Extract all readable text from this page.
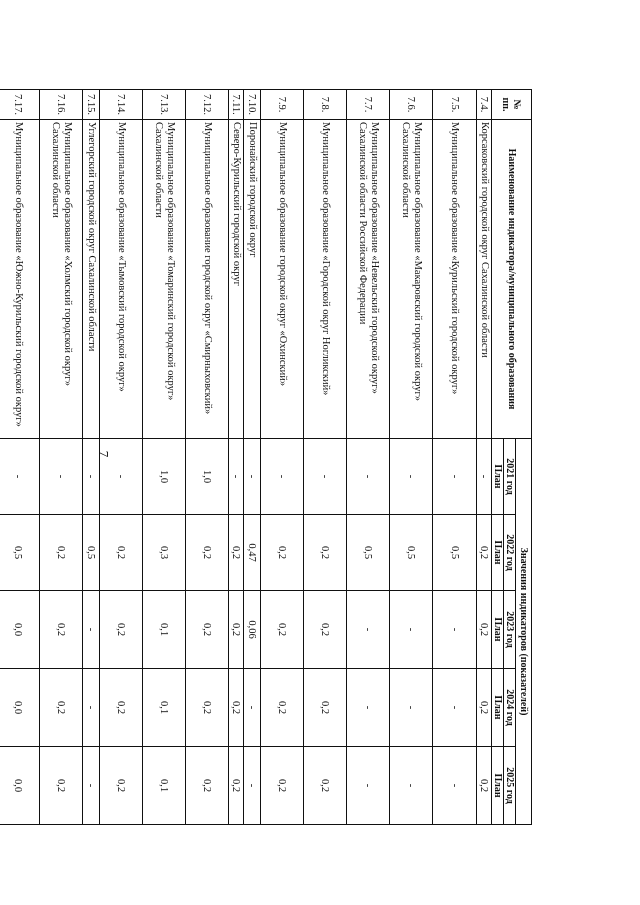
7
№ пп.	Наименование индикатора/муниципального образования	Значения индикаторов (показателей)				
		2021 год	2022 год	2023 год	2024 год	2025 год
		План	План	План	План	План
7.4.	Корсаковский городской округ Сахалинской области	-	0,2	0,2	0,2	0,2
7.5.	Муниципальное образование «Курильский городской округ»	-	0,5	-	-	-
7.6.	Муниципальное образование «Макаровский городской округ» Сахалинской области	-	0,5	-	-	-
7.7.	Муниципальное образование «Невельский городской округ» Сахалинской области Российской Федерации	-	0,5	-	-	-
7.8.	Муниципальное образование «Городской округ Ногликский»	-	0,2	0,2	0,2	0,2
7.9.	Муниципальное образование городской округ «Охинский»	-	0,2	0,2	0,2	0,2
7.10.	Поронайский городской округ	-	0,47	0,06	-	-
7.11.	Северо-Курильский городской округ	-	0,2	0,2	0,2	0,2
7.12.	Муниципальное образование городской округ «Смирныховский»	1,0	0,2	0,2	0,2	0,2
7.13.	Муниципальное образование «Томаринский городской округ» Сахалинской области	1,0	0,3	0,1	0,1	0,1
7.14.	Муниципальное образование «Тымовский городской округ»	-	0,2	0,2	0,2	0,2
7.15.	Углегорский городской округ Сахалинской области	-	0,5	-	-	-
7.16.	Муниципальное образование «Холмский городской округ» Сахалинской области	-	0,2	0,2	0,2	0,2
7.17.	Муниципальное образование «Южно-Курильский городской округ»	-	0,5	0,0	0,0	0,0
